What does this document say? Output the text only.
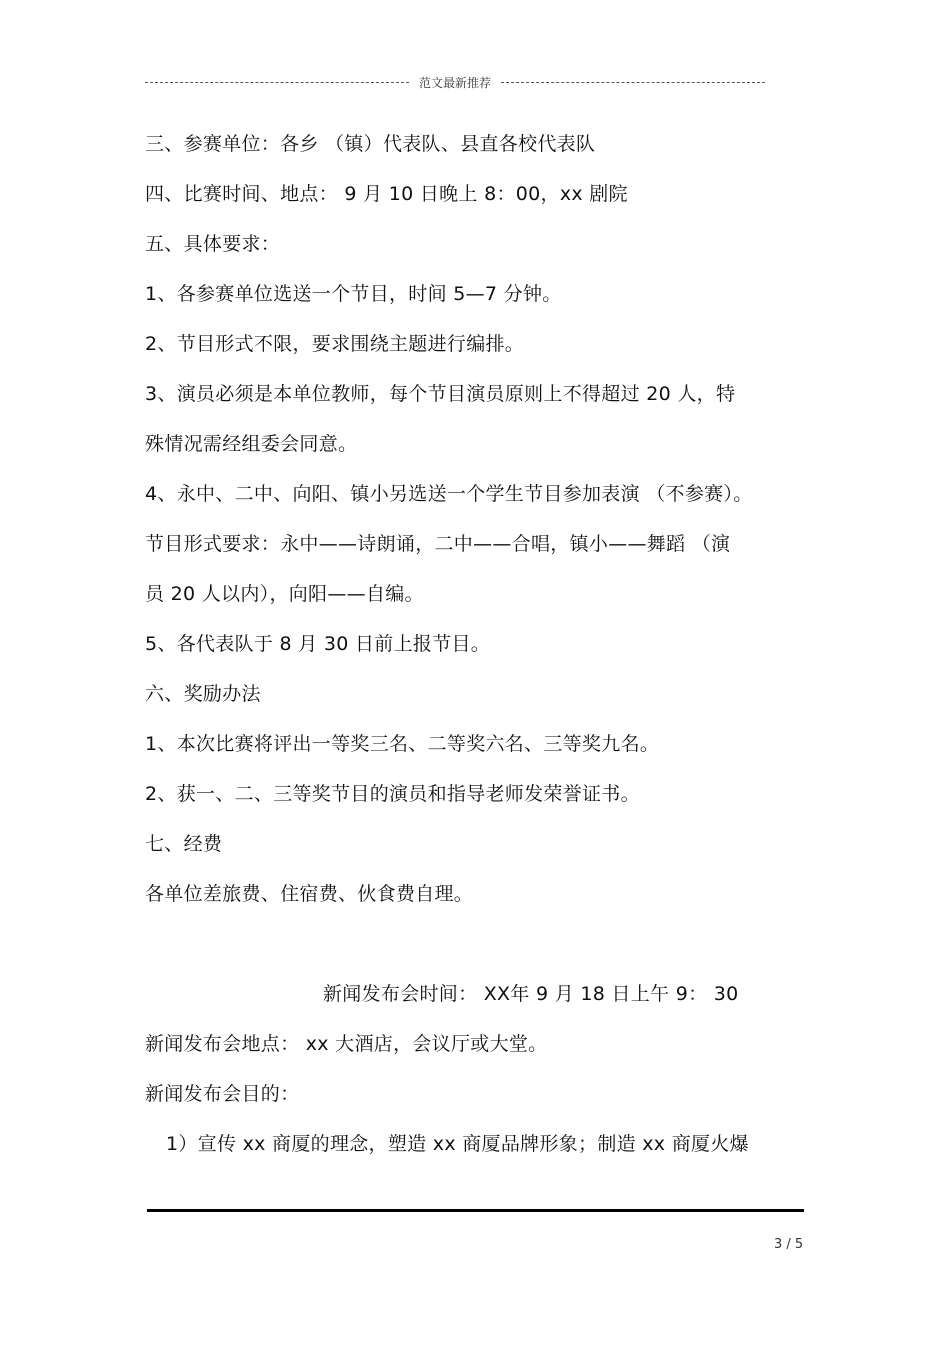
范文最新推荐
三、参赛单位：各乡 （镇）代表队、县直各校代表队
四、比赛时间、地点： 9 月 10 日晚上 8：00，xx 剧院
五、具体要求：
1、各参赛单位选送一个节目，时间 5—7 分钟。
2、节目形式不限，要求围绕主题进行编排。
3、演员必须是本单位教师，每个节目演员原则上不得超过 20 人，特
殊情况需经组委会同意。
4、永中、二中、向阳、镇小另选送一个学生节目参加表演 （不参赛）。
节目形式要求：永中——诗朗诵，二中——合唱，镇小——舞蹈 （演
员 20 人以内），向阳——自编。
5、各代表队于 8 月 30 日前上报节目。
六、奖励办法
1、本次比赛将评出一等奖三名、二等奖六名、三等奖九名。
2、获一、二、三等奖节目的演员和指导老师发荣誉证书。
七、经费
各单位差旅费、住宿费、伙食费自理。
新闻发布会时间： XX年 9 月 18 日上午 9： 30
新闻发布会地点： xx 大酒店，会议厅或大堂。
新闻发布会目的：
1）宣传 xx 商厦的理念，塑造 xx 商厦品牌形象；制造 xx 商厦火爆
3 / 5
